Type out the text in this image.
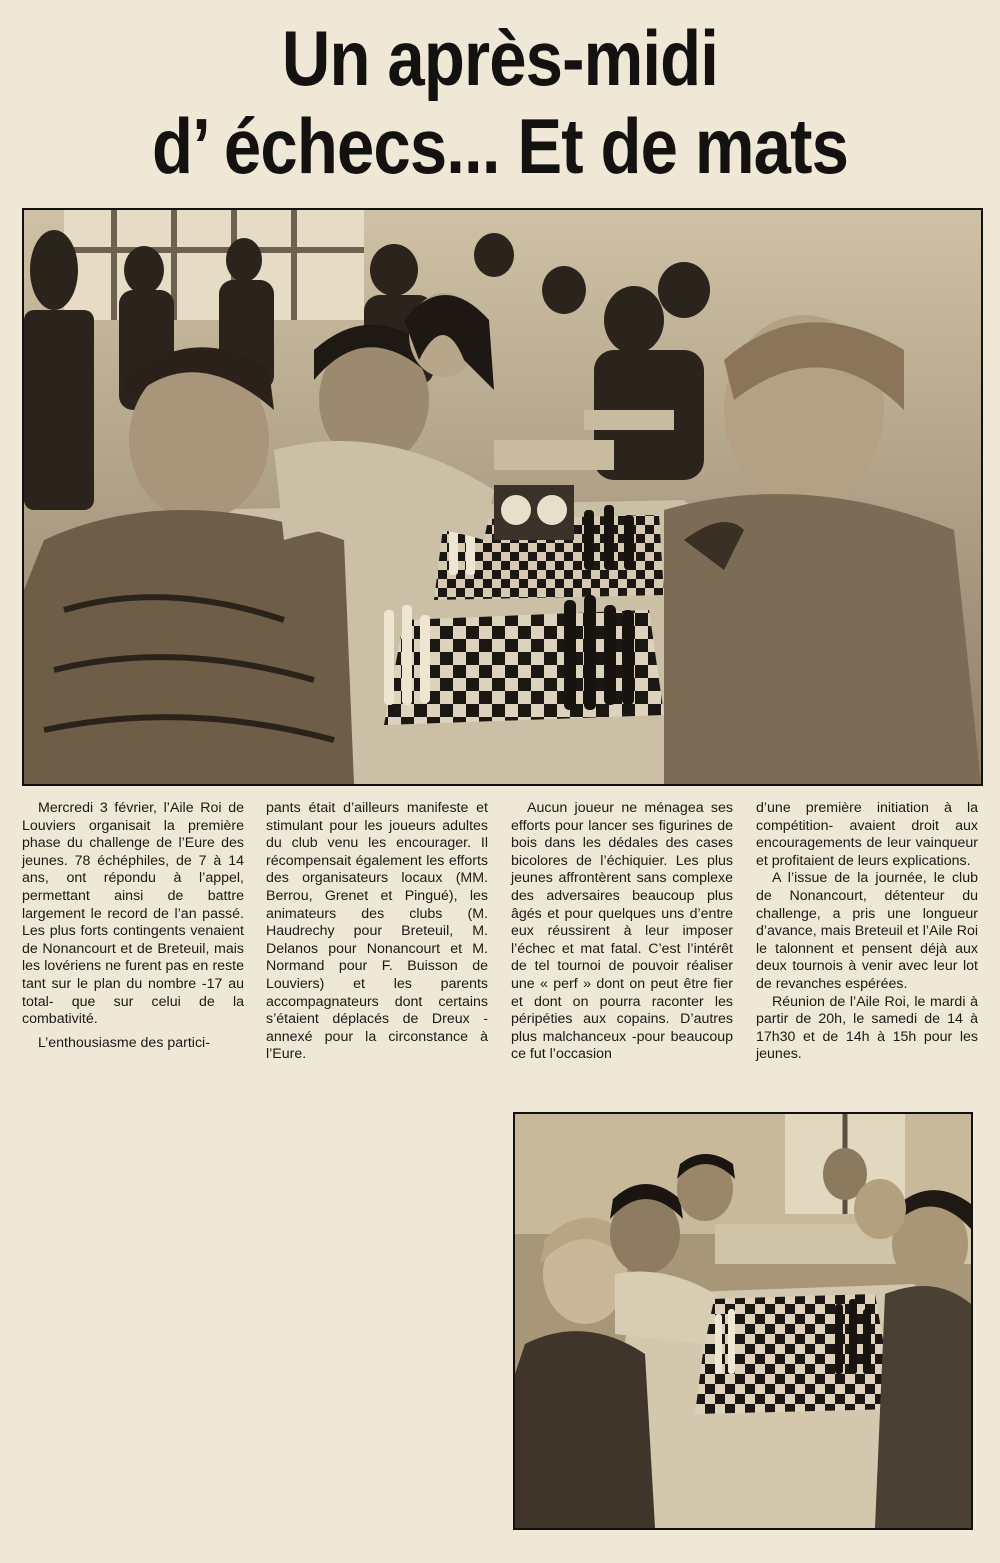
Un après-midi
d’ échecs... Et de mats

Mercredi 3 février, l’Aile Roi de Louviers organisait la première phase du challenge de l’Eure des jeunes. 78 échéphiles, de 7 à 14 ans, ont répondu à l’appel, permettant ainsi de battre largement le record de l’an passé. Les plus forts contingents venaient de Nonancourt et de Breteuil, mais les lovériens ne furent pas en reste tant sur le plan du nombre -17 au total- que sur celui de la combativité.

L’enthousiasme des partici-

pants était d’ailleurs manifeste et stimulant pour les joueurs adultes du club venu les encourager. Il récompensait également les efforts des organisateurs locaux (MM. Berrou, Grenet et Pingué), les animateurs des clubs (M. Haudrechy pour Breteuil, M. Delanos pour Nonancourt et M. Normand pour F. Buisson de Louviers) et les parents accompagnateurs dont certains s’étaient déplacés de Dreux -annexé pour la circonstance à l’Eure.

Aucun joueur ne ménagea ses efforts pour lancer ses figurines de bois dans les dédales des cases bicolores de l’échiquier. Les plus jeunes affrontèrent sans complexe des adversaires beaucoup plus âgés et pour quelques uns d’entre eux réussirent à leur imposer l’échec et mat fatal. C’est l’intérêt de tel tournoi de pouvoir réaliser une « perf » dont on peut être fier et dont on pourra raconter les péripéties aux copains. D’autres plus malchanceux -pour beaucoup ce fut l’occasion

d’une première initiation à la compétition- avaient droit aux encouragements de leur vainqueur et profitaient de leurs explications.

A l’issue de la journée, le club de Nonancourt, détenteur du challenge, a pris une longueur d’avance, mais Breteuil et l’Aile Roi le talonnent et pensent déjà aux deux tournois à venir avec leur lot de revanches espérées.

Réunion de l’Aile Roi, le mardi à partir de 20h, le samedi de 14 à 17h30 et de 14h à 15h pour les jeunes.
